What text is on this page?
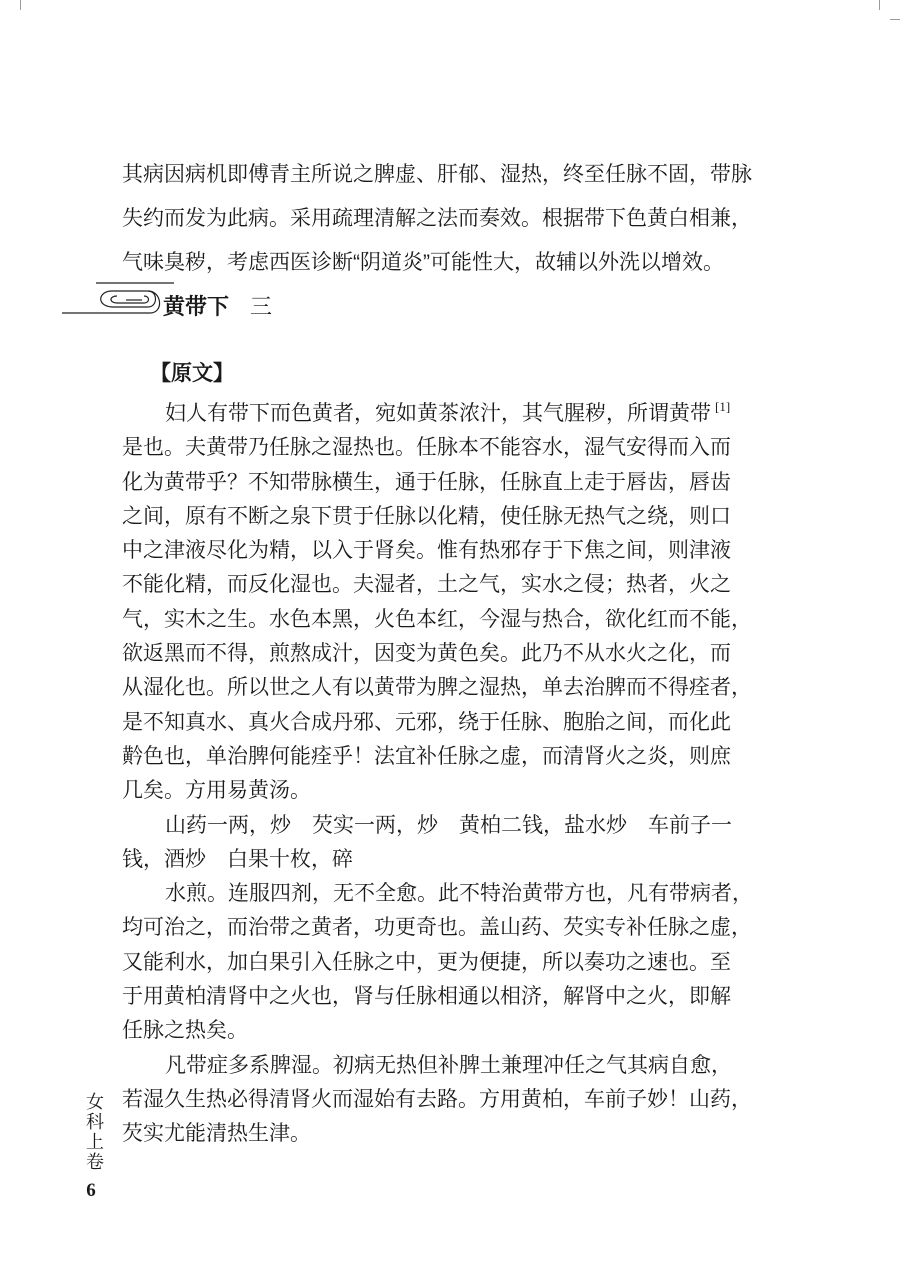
其病因病机即傅青主所说之脾虚、肝郁、湿热，终至任脉不固，带脉
失约而发为此病。采用疏理清解之法而奏效。根据带下色黄白相兼，
气味臭秽，考虑西医诊断“阴道炎”可能性大，故辅以外洗以增效。
黄带下 三
【原文】
妇人有带下而色黄者，宛如黄茶浓汁，其气腥秽，所谓黄带 [1]
是也。夫黄带乃任脉之湿热也。任脉本不能容水，湿气安得而入而
化为黄带乎？不知带脉横生，通于任脉，任脉直上走于唇齿，唇齿
之间，原有不断之泉下贯于任脉以化精，使任脉无热气之绕，则口
中之津液尽化为精，以入于肾矣。惟有热邪存于下焦之间，则津液
不能化精，而反化湿也。夫湿者，土之气，实水之侵；热者，火之
气，实木之生。水色本黑，火色本红，今湿与热合，欲化红而不能，
欲返黑而不得，煎熬成汁，因变为黄色矣。此乃不从水火之化，而
从湿化也。所以世之人有以黄带为脾之湿热，单去治脾而不得痊者，
是不知真水、真火合成丹邪、元邪，绕于任脉、胞胎之间，而化此
黅色也，单治脾何能痊乎！法宜补任脉之虚，而清肾火之炎，则庶
几矣。方用易黄汤。
山药一两，炒　芡实一两，炒　黄柏二钱，盐水炒　车前子一
钱，酒炒　白果十枚，碎
水煎。连服四剂，无不全愈。此不特治黄带方也，凡有带病者，
均可治之，而治带之黄者，功更奇也。盖山药、芡实专补任脉之虚，
又能利水，加白果引入任脉之中，更为便捷，所以奏功之速也。至
于用黄柏清肾中之火也，肾与任脉相通以相济，解肾中之火，即解
任脉之热矣。
凡带症多系脾湿。初病无热但补脾土兼理冲任之气其病自愈，
若湿久生热必得清肾火而湿始有去路。方用黄柏，车前子妙！山药，
芡实尤能清热生津。
女
科
上
卷
6
